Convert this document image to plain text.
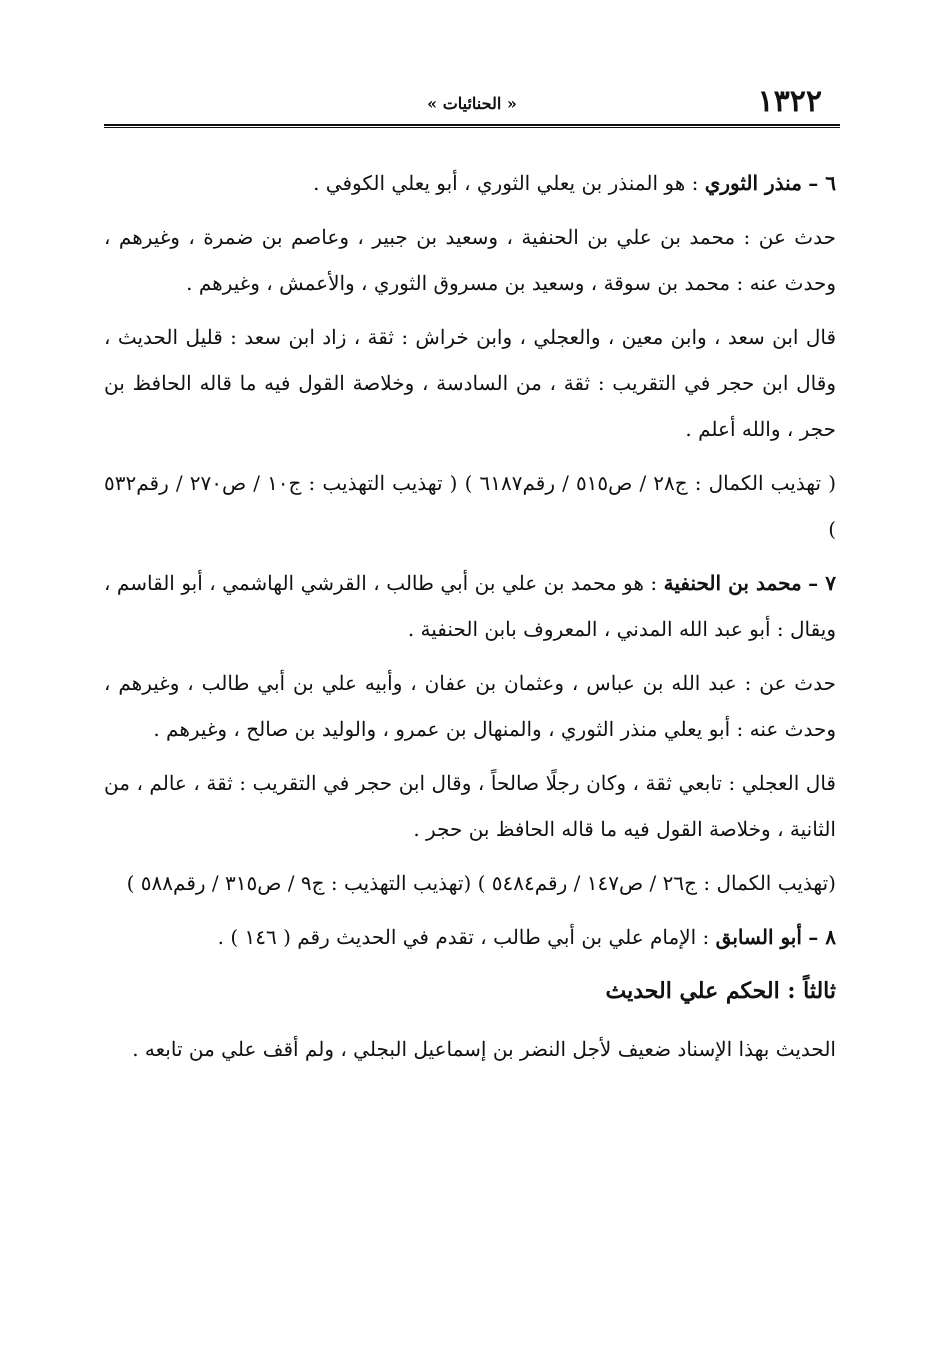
١٣٢٢
« الحنائيات »

٦ – منذر الثوري : هو المنذر بن يعلي الثوري ، أبو يعلي الكوفي .

حدث عن : محمد بن علي بن الحنفية ، وسعيد بن جبير ، وعاصم بن ضمرة ، وغيرهم ، وحدث عنه : محمد بن سوقة ، وسعيد بن مسروق الثوري ، والأعمش ، وغيرهم .

قال ابن سعد ، وابن معين ، والعجلي ، وابن خراش : ثقة ، زاد ابن سعد : قليل الحديث ، وقال ابن حجر في التقريب : ثقة ، من السادسة ، وخلاصة القول فيه ما قاله الحافظ بن حجر ، والله أعلم .

( تهذيب الكمال : ج٢٨ / ص٥١٥ / رقم٦١٨٧ ) ( تهذيب التهذيب : ج١٠ / ص٢٧٠ / رقم٥٣٢ )

٧ – محمد بن الحنفية : هو محمد بن علي بن أبي طالب ، القرشي الهاشمي ، أبو القاسم ، ويقال : أبو عبد الله المدني ، المعروف بابن الحنفية .

حدث عن : عبد الله بن عباس ، وعثمان بن عفان ، وأبيه علي بن أبي طالب ، وغيرهم ، وحدث عنه : أبو يعلي منذر الثوري ، والمنهال بن عمرو ، والوليد بن صالح ، وغيرهم .

قال العجلي : تابعي ثقة ، وكان رجلًا صالحاً ، وقال ابن حجر في التقريب : ثقة ، عالم ، من الثانية ، وخلاصة القول فيه ما قاله الحافظ بن حجر .

(تهذيب الكمال : ج٢٦ / ص١٤٧ / رقم٥٤٨٤ ) (تهذيب التهذيب : ج٩ / ص٣١٥ / رقم٥٨٨ )

٨ – أبو السابق : الإمام علي بن أبي طالب ، تقدم في الحديث رقم ( ١٤٦ ) .

ثالثاً : الحكم علي الحديث

الحديث بهذا الإسناد ضعيف لأجل النضر بن إسماعيل البجلي ، ولم أقف علي من تابعه .
